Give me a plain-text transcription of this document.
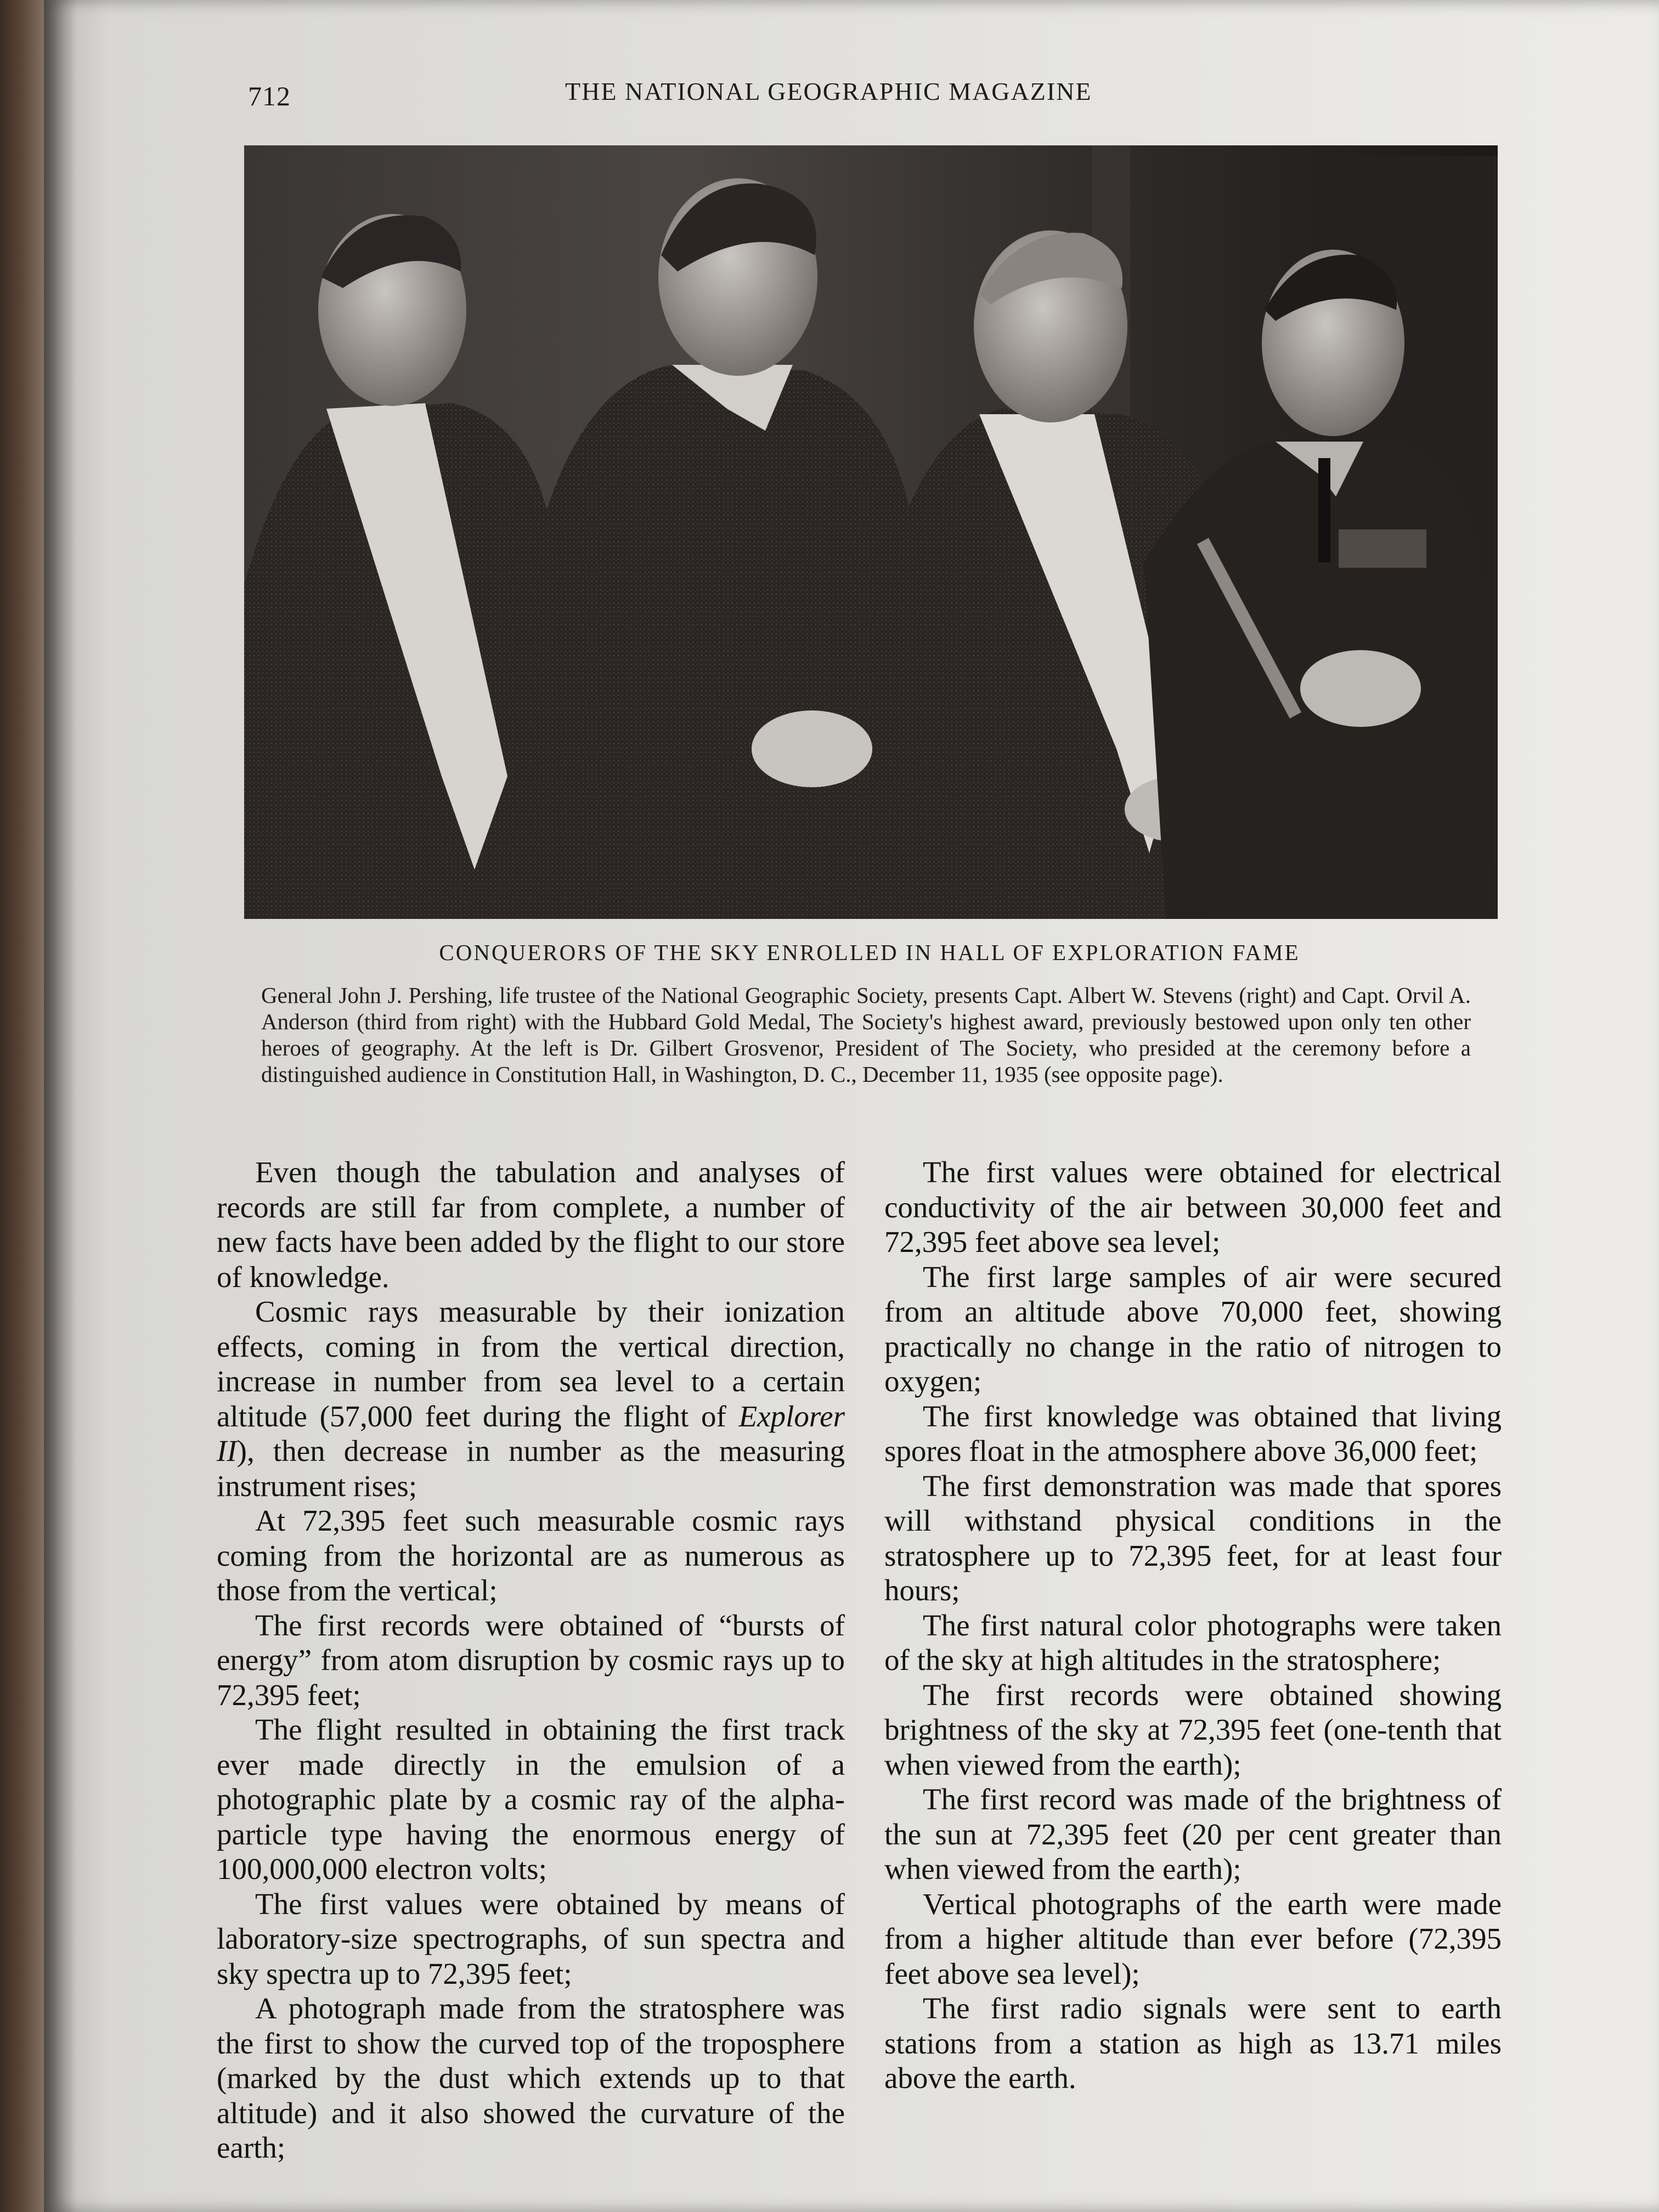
712	THE NATIONAL GEOGRAPHIC MAGAZINE
CONQUERORS OF THE SKY ENROLLED IN HALL OF EXPLORATION FAME
General John J. Pershing, life trustee of the National Geographic Society, presents Capt. Albert W. Stevens (right) and Capt. Orvil A. Anderson (third from right) with the Hubbard Gold Medal, The Society's highest award, previously bestowed upon only ten other heroes of geography. At the left is Dr. Gilbert Grosvenor, President of The Society, who presided at the ceremony before a distinguished audience in Constitution Hall, in Washington, D. C., December 11, 1935 (see opposite page).

Even though the tabulation and analyses of records are still far from complete, a number of new facts have been added by the flight to our store of knowledge.

Cosmic rays measurable by their ionization effects, coming in from the vertical direction, increase in number from sea level to a certain altitude (57,000 feet during the flight of Explorer II), then decrease in number as the measuring instrument rises;

At 72,395 feet such measurable cosmic rays coming from the horizontal are as numerous as those from the vertical;

The first records were obtained of “bursts of energy” from atom disruption by cosmic rays up to 72,395 feet;

The flight resulted in obtaining the first track ever made directly in the emulsion of a photographic plate by a cosmic ray of the alpha-particle type having the enormous energy of 100,000,000 electron volts;

The first values were obtained by means of laboratory-size spectrographs, of sun spectra and sky spectra up to 72,395 feet;

A photograph made from the stratosphere was the first to show the curved top of the troposphere (marked by the dust which extends up to that altitude) and it also showed the curvature of the earth;

The first values were obtained for electrical conductivity of the air between 30,000 feet and 72,395 feet above sea level;

The first large samples of air were secured from an altitude above 70,000 feet, showing practically no change in the ratio of nitrogen to oxygen;

The first knowledge was obtained that living spores float in the atmosphere above 36,000 feet;

The first demonstration was made that spores will withstand physical conditions in the stratosphere up to 72,395 feet, for at least four hours;

The first natural color photographs were taken of the sky at high altitudes in the stratosphere;

The first records were obtained showing brightness of the sky at 72,395 feet (one-tenth that when viewed from the earth);

The first record was made of the brightness of the sun at 72,395 feet (20 per cent greater than when viewed from the earth);

Vertical photographs of the earth were made from a higher altitude than ever before (72,395 feet above sea level);

The first radio signals were sent to earth stations from a station as high as 13.71 miles above the earth.
